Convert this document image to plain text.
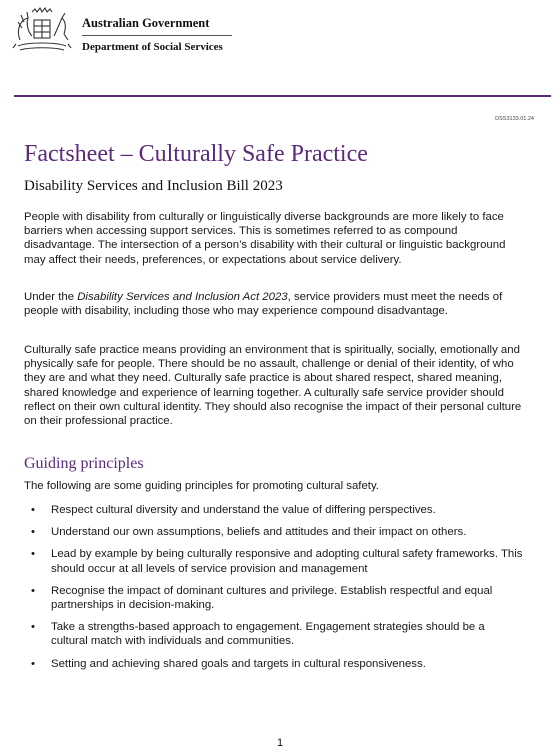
Australian Government
Department of Social Services
DSS3133.01.24
Factsheet – Culturally Safe Practice
Disability Services and Inclusion Bill 2023

People with disability from culturally or linguistically diverse backgrounds are more likely to face barriers when accessing support services. This is sometimes referred to as compound disadvantage. The intersection of a person’s disability with their cultural or linguistic background may affect their needs, preferences, or expectations about service delivery.

Under the Disability Services and Inclusion Act 2023, service providers must meet the needs of people with disability, including those who may experience compound disadvantage.

Culturally safe practice means providing an environment that is spiritually, socially, emotionally and physically safe for people. There should be no assault, challenge or denial of their identity, of who they are and what they need. Culturally safe practice is about shared respect, shared meaning, shared knowledge and experience of learning together. A culturally safe service provider should reflect on their own cultural identity. They should also recognise the impact of their personal culture on their professional practice.

Guiding principles

The following are some guiding principles for promoting cultural safety.

• Respect cultural diversity and understand the value of differing perspectives.
• Understand our own assumptions, beliefs and attitudes and their impact on others.
• Lead by example by being culturally responsive and adopting cultural safety frameworks. This should occur at all levels of service provision and management
• Recognise the impact of dominant cultures and privilege. Establish respectful and equal partnerships in decision-making.
• Take a strengths-based approach to engagement. Engagement strategies should be a cultural match with individuals and communities.
• Setting and achieving shared goals and targets in cultural responsiveness.
1
